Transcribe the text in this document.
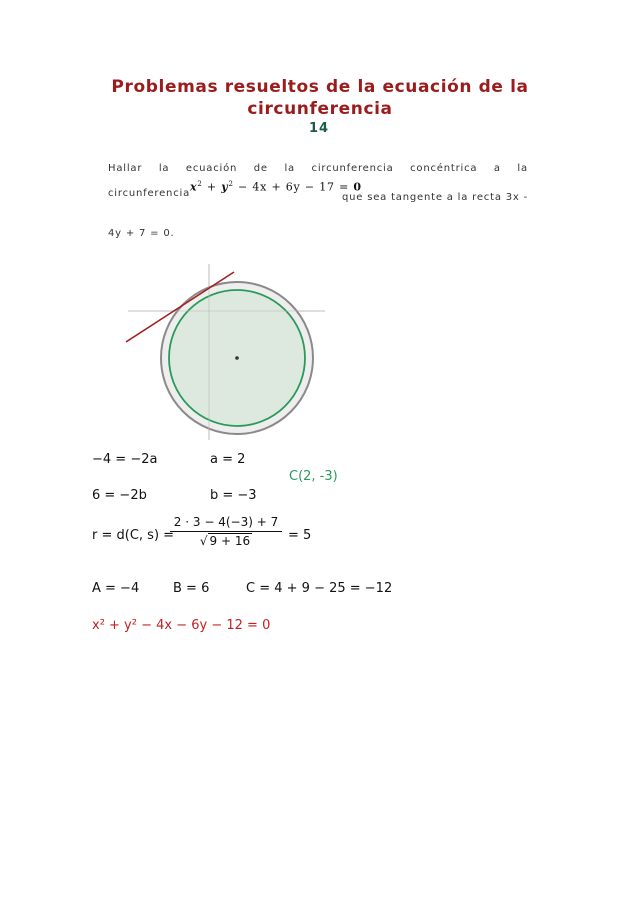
Problemas resueltos de la ecuación de la
circunferencia
14
Hallar la ecuación de la circunferencia concéntrica a la
circunferencia $x^2 + y^2 - 4x + 6y - 17 = 0$
que sea tangente a la recta 3x -
4y + 7 = 0.
−4 = −2a	a = 2
C(2, -3)
6 = −2b	b = −3
r = d(C, s) =
$\frac{2 \cdot 3 - 4(-3) + 7}{√ 9 + 16} = 5$
A = −4	B = 6	C = 4 + 9 − 25 = −12
x² + y² − 4x − 6y − 12 = 0
